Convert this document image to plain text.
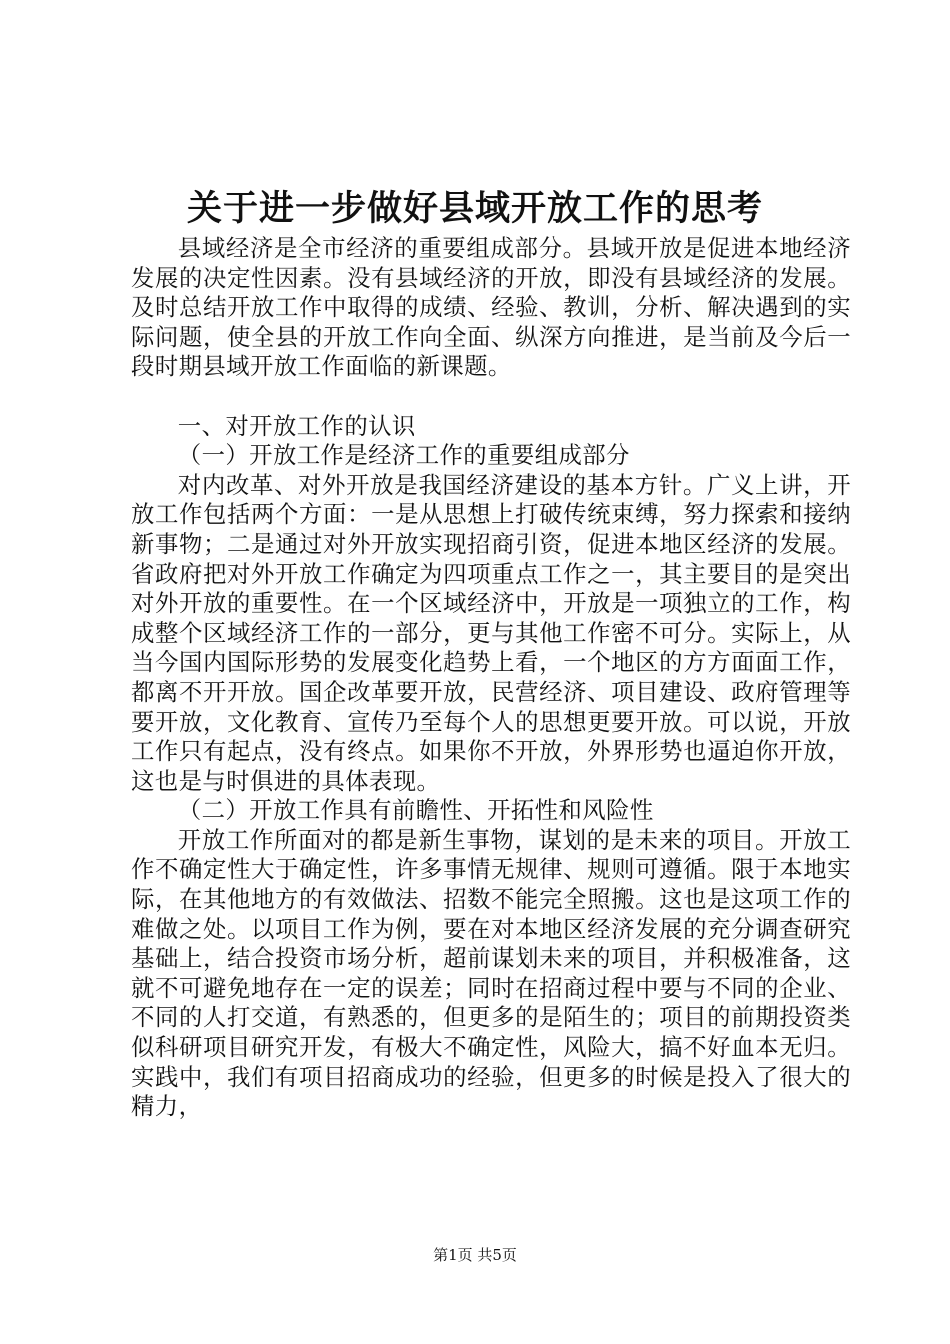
关于进一步做好县域开放工作的思考

县域经济是全市经济的重要组成部分。县域开放是促进本地经济发展的决定性因素。没有县域经济的开放，即没有县域经济的发展。及时总结开放工作中取得的成绩、经验、教训，分析、解决遇到的实际问题，使全县的开放工作向全面、纵深方向推进，是当前及今后一段时期县域开放工作面临的新课题。

一、对开放工作的认识

（一）开放工作是经济工作的重要组成部分

对内改革、对外开放是我国经济建设的基本方针。广义上讲，开放工作包括两个方面：一是从思想上打破传统束缚，努力探索和接纳新事物；二是通过对外开放实现招商引资，促进本地区经济的发展。省政府把对外开放工作确定为四项重点工作之一，其主要目的是突出对外开放的重要性。在一个区域经济中，开放是一项独立的工作，构成整个区域经济工作的一部分，更与其他工作密不可分。实际上，从当今国内国际形势的发展变化趋势上看，一个地区的方方面面工作，都离不开开放。国企改革要开放，民营经济、项目建设、政府管理等要开放，文化教育、宣传乃至每个人的思想更要开放。可以说，开放工作只有起点，没有终点。如果你不开放，外界形势也逼迫你开放，这也是与时俱进的具体表现。

（二）开放工作具有前瞻性、开拓性和风险性

开放工作所面对的都是新生事物，谋划的是未来的项目。开放工作不确定性大于确定性，许多事情无规律、规则可遵循。限于本地实际，在其他地方的有效做法、招数不能完全照搬。这也是这项工作的难做之处。以项目工作为例，要在对本地区经济发展的充分调查研究基础上，结合投资市场分析，超前谋划未来的项目，并积极准备，这就不可避免地存在一定的误差；同时在招商过程中要与不同的企业、不同的人打交道，有熟悉的，但更多的是陌生的；项目的前期投资类似科研项目研究开发，有极大不确定性，风险大，搞不好血本无归。实践中，我们有项目招商成功的经验，但更多的时候是投入了很大的精力，

第1页 共5页
